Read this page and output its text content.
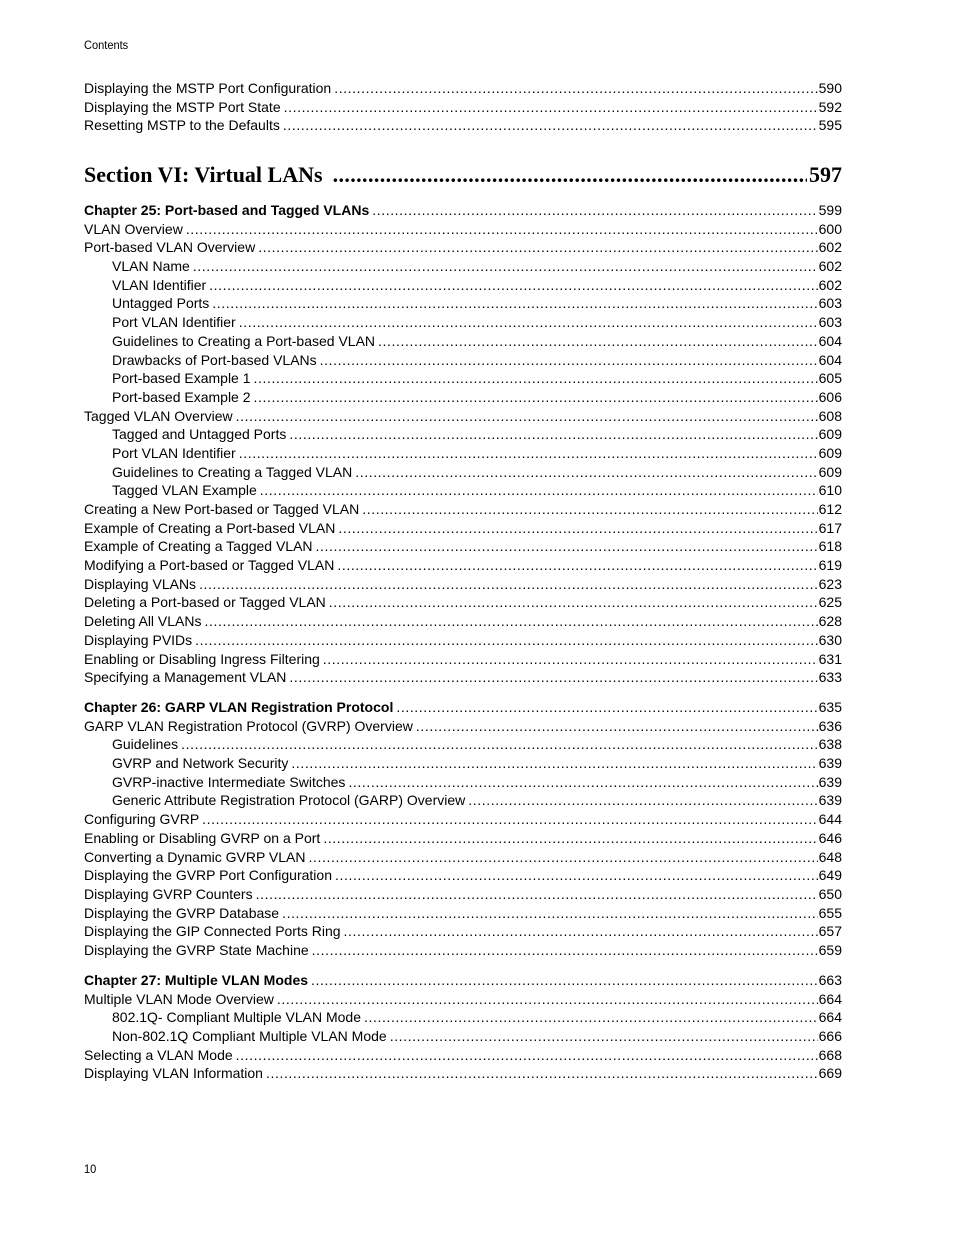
Contents
Displaying the MSTP Port Configuration .....	590
Displaying the MSTP Port State .....	592
Resetting MSTP to the Defaults .....	595
Section VI: Virtual LANs .....	597
Chapter 25: Port-based and Tagged VLANs .....	599
VLAN Overview .....	600
Port-based VLAN Overview .....	602
VLAN Name .....	602
VLAN Identifier .....	602
Untagged Ports .....	603
Port VLAN Identifier .....	603
Guidelines to Creating a Port-based VLAN .....	604
Drawbacks of Port-based VLANs .....	604
Port-based Example 1 .....	605
Port-based Example 2 .....	606
Tagged VLAN Overview .....	608
Tagged and Untagged Ports .....	609
Port VLAN Identifier .....	609
Guidelines to Creating a Tagged VLAN .....	609
Tagged VLAN Example .....	610
Creating a New Port-based or Tagged VLAN .....	612
Example of Creating a Port-based VLAN .....	617
Example of Creating a Tagged VLAN .....	618
Modifying a Port-based or Tagged VLAN .....	619
Displaying VLANs .....	623
Deleting a Port-based or Tagged VLAN .....	625
Deleting All VLANs .....	628
Displaying PVIDs .....	630
Enabling or Disabling Ingress Filtering .....	631
Specifying a Management VLAN .....	633
Chapter 26: GARP VLAN Registration Protocol .....	635
GARP VLAN Registration Protocol (GVRP) Overview .....	636
Guidelines .....	638
GVRP and Network Security .....	639
GVRP-inactive Intermediate Switches .....	639
Generic Attribute Registration Protocol (GARP) Overview .....	639
Configuring GVRP .....	644
Enabling or Disabling GVRP on a Port .....	646
Converting a Dynamic GVRP VLAN .....	648
Displaying the GVRP Port Configuration .....	649
Displaying GVRP Counters .....	650
Displaying the GVRP Database .....	655
Displaying the GIP Connected Ports Ring .....	657
Displaying the GVRP State Machine .....	659
Chapter 27: Multiple VLAN Modes .....	663
Multiple VLAN Mode Overview .....	664
802.1Q- Compliant Multiple VLAN Mode .....	664
Non-802.1Q Compliant Multiple VLAN Mode .....	666
Selecting a VLAN Mode .....	668
Displaying VLAN Information .....	669
10
